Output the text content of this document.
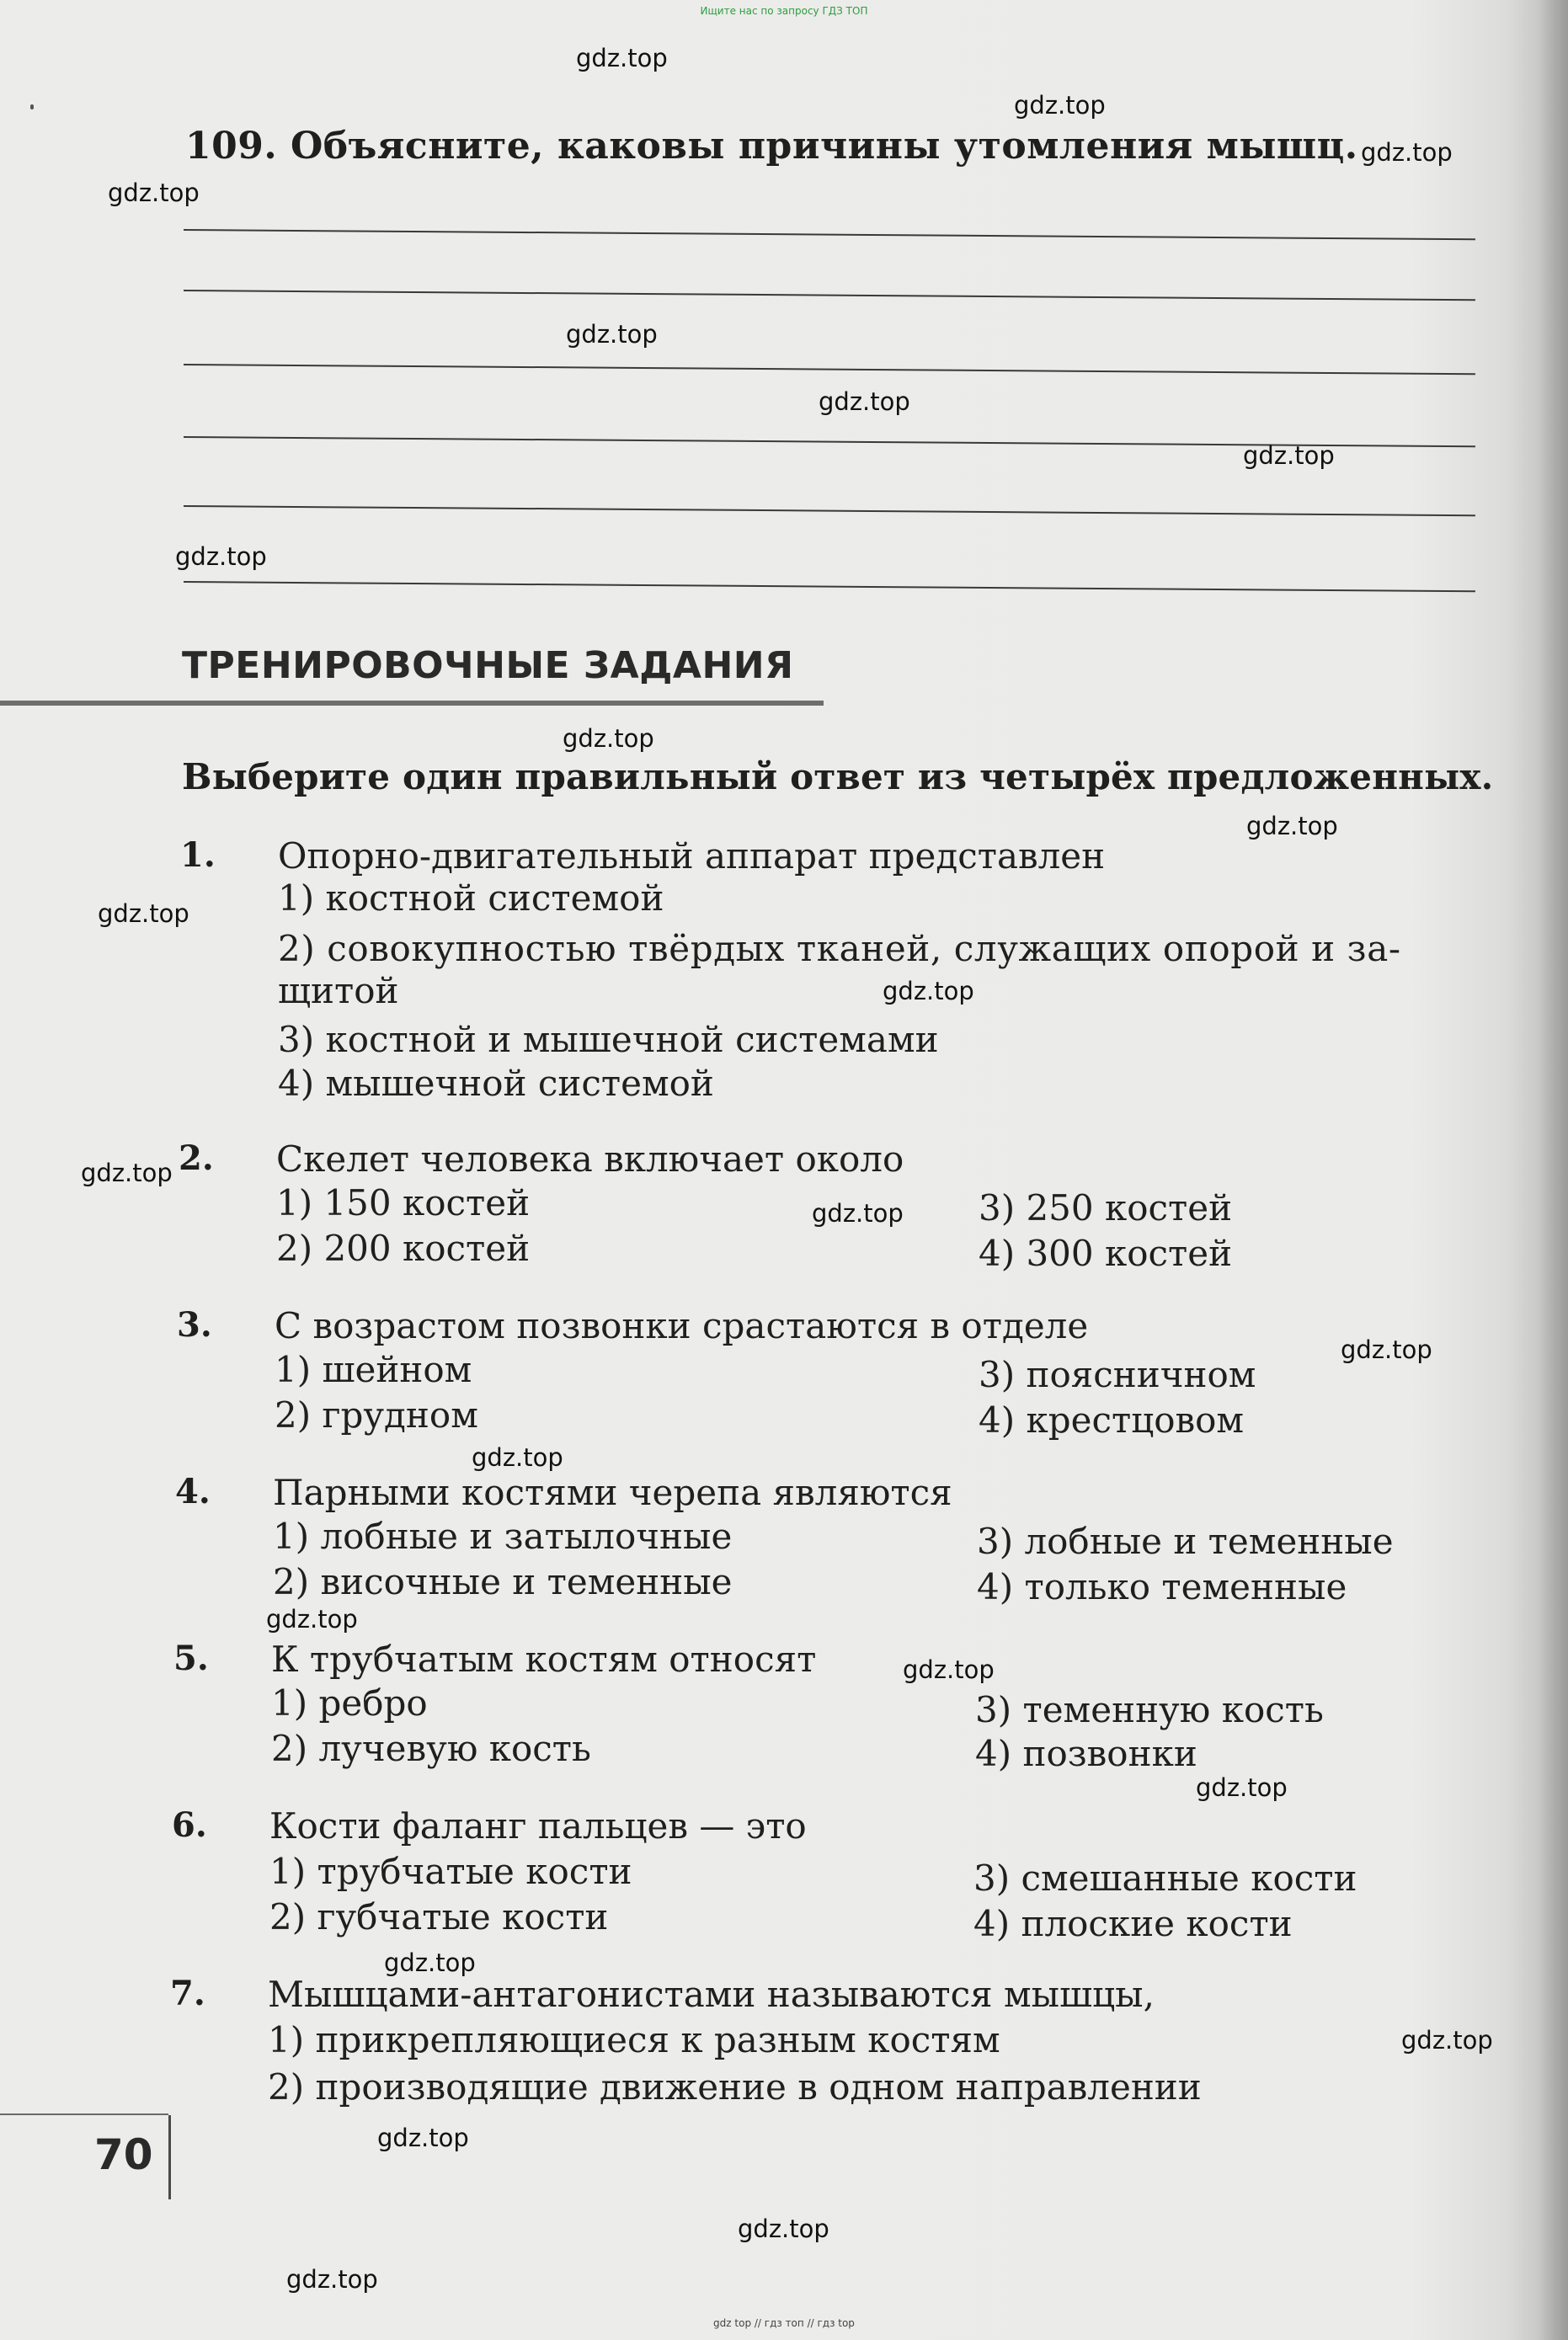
Ищите нас по запросу ГДЗ ТОП
109. Объясните, каковы причины утомления мышц.
ТРЕНИРОВОЧНЫЕ ЗАДАНИЯ
Выберите один правильный ответ из четырёх предложенных.
1. Опорно-двигательный аппарат представлен
1) костной системой
2) совокупностью твёрдых тканей, служащих опорой и за-
щитой
3) костной и мышечной системами
4) мышечной системой
2. Скелет человека включает около
1) 150 костей
2) 200 костей
3) 250 костей
4) 300 костей
3. С возрастом позвонки срастаются в отделе
1) шейном
2) грудном
3) поясничном
4) крестцовом
4. Парными костями черепа являются
1) лобные и затылочные
2) височные и теменные
3) лобные и теменные
4) только теменные
5. К трубчатым костям относят
1) ребро
2) лучевую кость
3) теменную кость
4) позвонки
6. Кости фаланг пальцев — это
1) трубчатые кости
2) губчатые кости
3) смешанные кости
4) плоские кости
7. Мышцами-антагонистами называются мышцы,
1) прикрепляющиеся к разным костям
2) производящие движение в одном направлении
70
gdz.top
gdz.top
gdz.top
gdz.top
gdz.top
gdz.top
gdz.top
gdz.top
gdz.top
gdz.top
gdz.top
gdz.top
gdz.top
gdz.top
gdz.top
gdz.top
gdz.top
gdz.top
gdz.top
gdz.top
gdz.top
gdz.top
gdz.top
gdz.top
gdz top // гдз топ // гдз top
